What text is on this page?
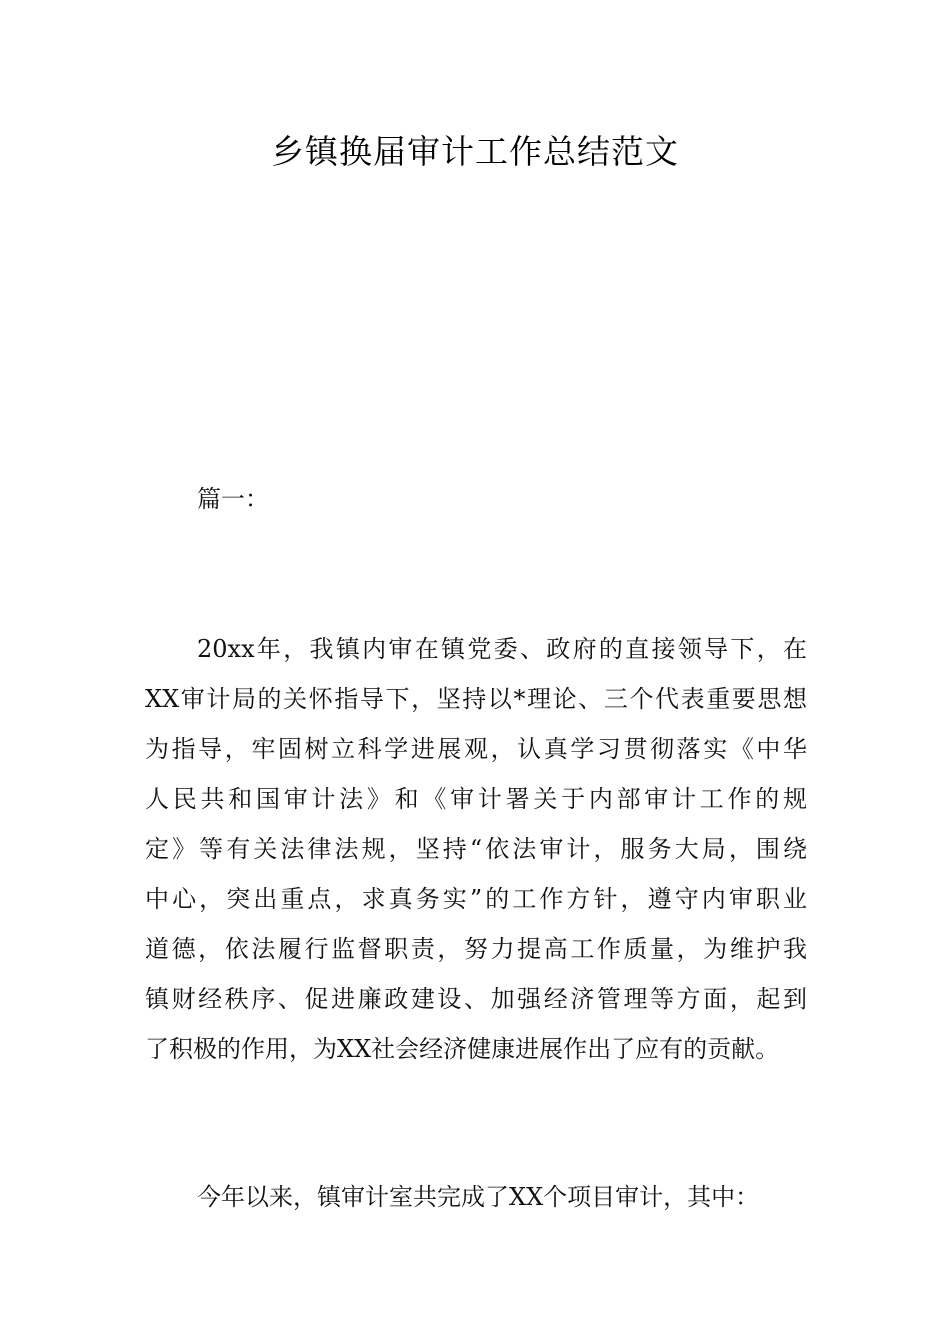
乡镇换届审计工作总结范文

篇一：

20xx年，我镇内审在镇党委、政府的直接领导下，在
XX审计局的关怀指导下，坚持以*理论、三个代表重要思想
为指导，牢固树立科学进展观，认真学习贯彻落实《中华
人民共和国审计法》和《审计署关于内部审计工作的规
定》等有关法律法规，坚持“依法审计，服务大局，围绕
中心，突出重点，求真务实”的工作方针，遵守内审职业
道德，依法履行监督职责，努力提高工作质量，为维护我
镇财经秩序、促进廉政建设、加强经济管理等方面，起到
了积极的作用，为XX社会经济健康进展作出了应有的贡献。
今年以来，镇审计室共完成了XX个项目审计，其中：
